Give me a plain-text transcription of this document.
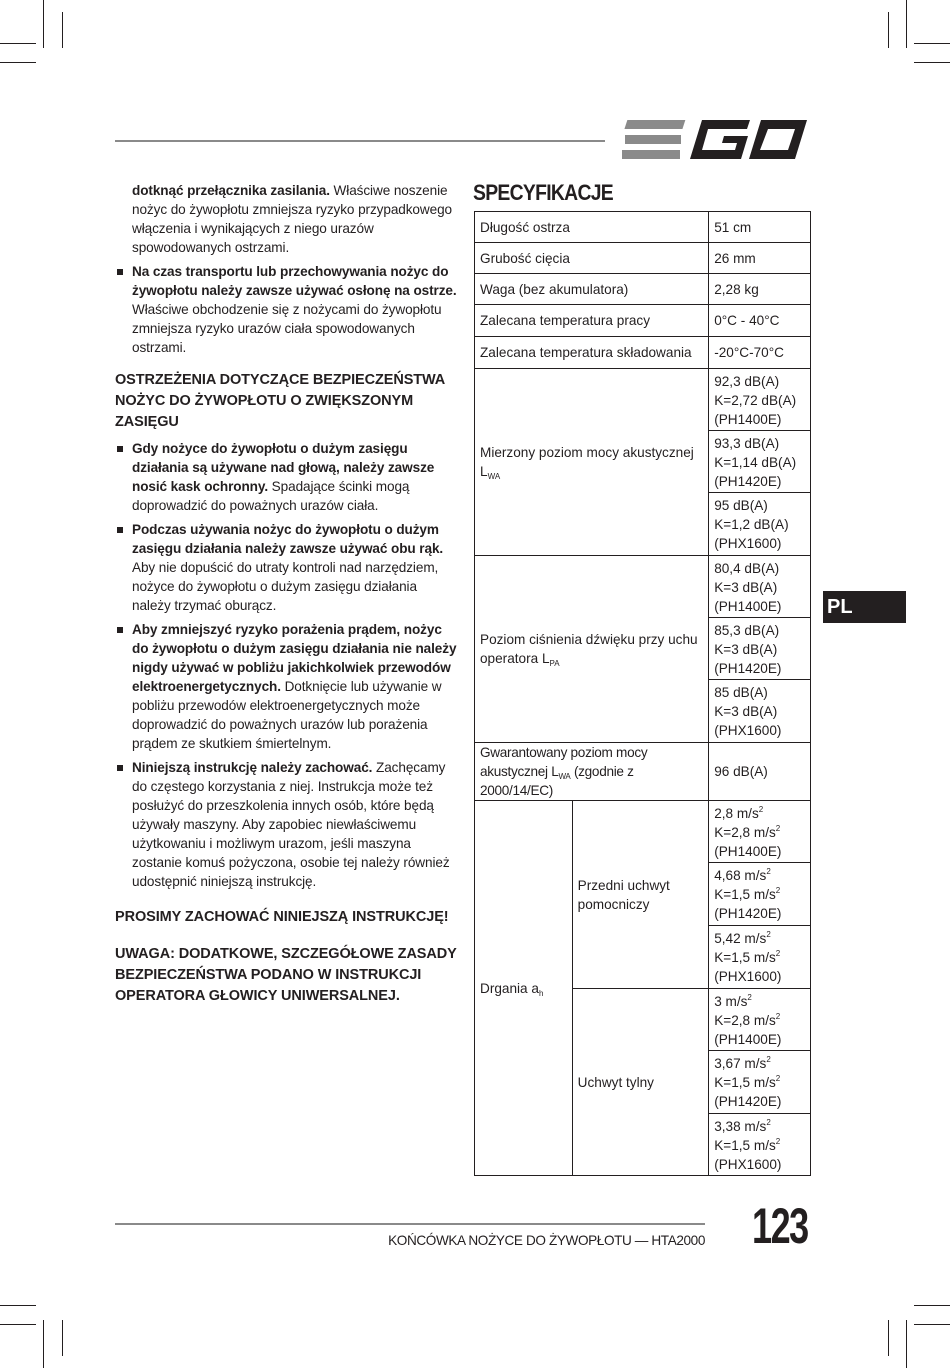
dotknąć przełącznika zasilania. Właściwe noszenie nożyc do żywopłotu zmniejsza ryzyko przypadkowego włączenia i wynikających z niego urazów spowodowanych ostrzami.

Na czas transportu lub przechowywania nożyc do żywopłotu należy zawsze używać osłonę na ostrze. Właściwe obchodzenie się z nożycami do żywopłotu zmniejsza ryzyko urazów ciała spowodowanych ostrzami.
OSTRZEŻENIA DOTYCZĄCE BEZPIECZEŃSTWA NOŻYC DO ŻYWOPŁOTU O ZWIĘKSZONYM ZASIĘGU
Gdy nożyce do żywopłotu o dużym zasięgu działania są używane nad głową, należy zawsze nosić kask ochronny. Spadające ścinki mogą doprowadzić do poważnych urazów ciała.
Podczas używania nożyc do żywopłotu o dużym zasięgu działania należy zawsze używać obu rąk. Aby nie dopuścić do utraty kontroli nad narzędziem, nożyce do żywopłotu o dużym zasięgu działania należy trzymać oburącz.
Aby zmniejszyć ryzyko porażenia prądem, nożyc do żywopłotu o dużym zasięgu działania nie należy nigdy używać w pobliżu jakichkolwiek przewodów elektroenergetycznych. Dotknięcie lub używanie w pobliżu przewodów elektroenergetycznych może doprowadzić do poważnych urazów lub porażenia prądem ze skutkiem śmiertelnym.
Niniejszą instrukcję należy zachować. Zachęcamy do częstego korzystania z niej. Instrukcja może też posłużyć do przeszkolenia innych osób, które będą używały maszyny. Aby zapobiec niewłaściwemu użytkowaniu i możliwym urazom, jeśli maszyna zostanie komuś pożyczona, osobie tej należy również udostępnić niniejszą instrukcję.
PROSIMY ZACHOWAĆ NINIEJSZĄ INSTRUKCJĘ!
UWAGA: DODATKOWE, SZCZEGÓŁOWE ZASADY BEZPIECZEŃSTWA PODANO W INSTRUKCJI OPERATORA GŁOWICY UNIWERSALNEJ.
SPECYFIKACJE
Długość ostrza		51 cm
Grubość cięcia		26 mm
Waga (bez akumulatora)		2,28 kg
Zalecana temperatura pracy		0°C - 40°C
Zalecana temperatura składowania		-20°C-70°C
Mierzony poziom mocy akustycznej $L_{WA}$		92,3 dB(A)
K=2,72 dB(A)
(PH1400E)

		93,3 dB(A)
K=1,14 dB(A)
(PH1420E)

		95 dB(A)
K=1,2 dB(A)
(PHX1600)

Poziom ciśnienia dźwięku przy uchu operatora $L_{PA}$		80,4 dB(A)
K=3 dB(A)
(PH1400E)

		85,3 dB(A)
K=3 dB(A)
(PH1420E)

		85 dB(A)
K=3 dB(A)
(PHX1600)

Gwarantowany poziom mocy akustycznej $L_{WA}$ (zgodnie z 2000/14/EC)		96 dB(A)
Drgania $a_h$	Przedni uchwyt pomocniczy	2,8 $m/s^2$
K=2,8 $m/s^2$
(PH1400E)

		4,68 $m/s^2$
K=1,5 $m/s^2$
(PH1420E)

		5,42 $m/s^2$
K=1,5 $m/s^2$
(PHX1600)

	Uchwyt tylny	3 $m/s^2$
K=2,8 $m/s^2$
(PH1400E)

		3,67 $m/s^2$
K=1,5 $m/s^2$
(PH1420E)

		3,38 $m/s^2$
K=1,5 $m/s^2$
(PHX1600)
PL
KOŃCÓWKA NOŻYCE DO ŻYWOPŁOTU — HTA2000 123
